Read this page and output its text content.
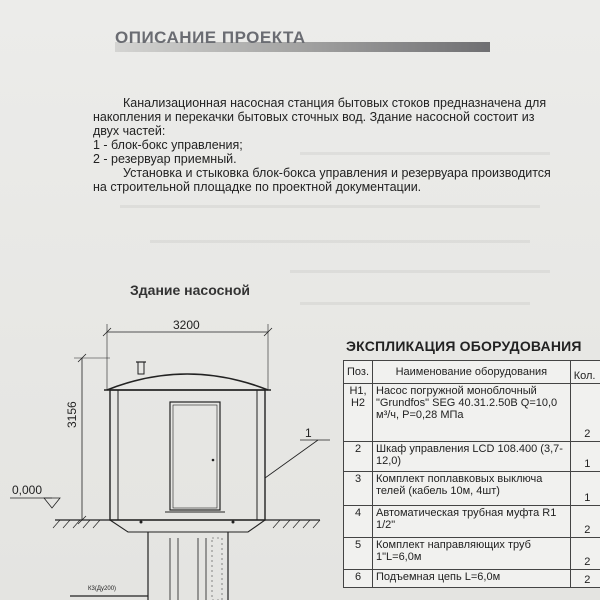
ОПИСАНИЕ ПРОЕКТА

Канализационная насосная станция бытовых стоков предназначена для накопления и перекачки бытовых сточных вод. Здание насосной состоит из двух частей:

1 - блок-бокс управления;

2 - резервуар приемный.

Установка и стыковка блок-бокса управления и резервуара производится на строительной площадке по проектной документации.

Здание насосной
3200
3156
0,000
К3(Ду200)
1
ЭКСПЛИКАЦИЯ ОБОРУДОВАНИЯ
Поз.	Наименование оборудования	Кол.
H1,
H2	Насос погружной моноблочный "Grundfos" SEG 40.31.2.50B Q=10,0 м³/ч, P=0,28 МПа	2
2	Шкаф управления LCD 108.400 (3,7-12,0)	1
3	Комплект поплавковых выключа телей (кабель 10м, 4шт)	1
4	Автоматическая трубная муфта R1 1/2"	2
5	Комплект направляющих труб 1"L=6,0м	2
6	Подъемная цепь L=6,0м	2
